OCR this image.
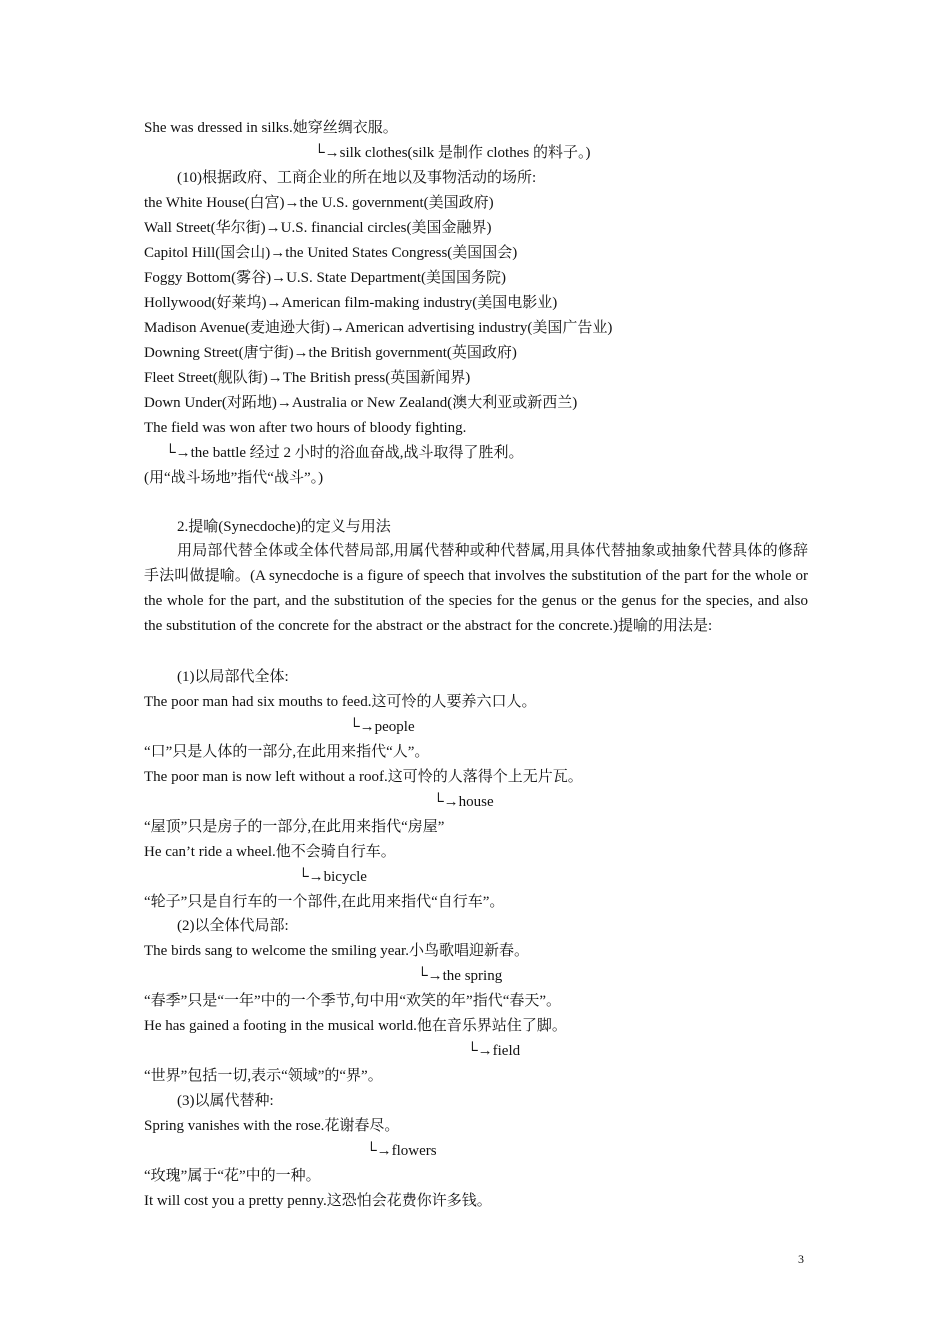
She was dressed in silks.她穿丝绸衣服。
└→silk clothes(silk 是制作 clothes 的料子。)
(10)根据政府、工商企业的所在地以及事物活动的场所:
the White House(白宫)→the U.S. government(美国政府)
Wall Street(华尔街)→U.S. financial circles(美国金融界)
Capitol Hill(国会山)→the United States Congress(美国国会)
Foggy Bottom(雾谷)→U.S. State Department(美国国务院)
Hollywood(好莱坞)→American film-making industry(美国电影业)
Madison Avenue(麦迪逊大街)→American advertising industry(美国广告业)
Downing Street(唐宁街)→the British government(英国政府)
Fleet Street(舰队街)→The British press(英国新闻界)
Down Under(对跖地)→Australia or New Zealand(澳大利亚或新西兰)
The field was won after two hours of bloody fighting.
└→the battle 经过 2 小时的浴血奋战,战斗取得了胜利。
(用“战斗场地”指代“战斗”。)
2.提喻(Synecdoche)的定义与用法
用局部代替全体或全体代替局部,用属代替种或种代替属,用具体代替抽象或抽象代替具体的修辞手法叫做提喻。(A synecdoche is a figure of speech that involves the substitution of the part for the whole or the whole for the part, and the substitution of the species for the genus or the genus for the species, and also the substitution of the concrete for the abstract or the abstract for the concrete.)提喻的用法是:
(1)以局部代全体:
The poor man had six mouths to feed.这可怜的人要养六口人。
└→people
“口”只是人体的一部分,在此用来指代“人”。
The poor man is now left without a roof.这可怜的人落得个上无片瓦。
└→house
“屋顶”只是房子的一部分,在此用来指代“房屋”
He can’t ride a wheel.他不会骑自行车。
└→bicycle
“轮子”只是自行车的一个部件,在此用来指代“自行车”。
(2)以全体代局部:
The birds sang to welcome the smiling year.小鸟歌唱迎新春。
└→the spring
“春季”只是“一年”中的一个季节,句中用“欢笑的年”指代“春天”。
He has gained a footing in the musical world.他在音乐界站住了脚。
└→field
“世界”包括一切,表示“领域”的“界”。
(3)以属代替种:
Spring vanishes with the rose.花谢春尽。
└→flowers
“玫瑰”属于“花”中的一种。
It will cost you a pretty penny.这恐怕会花费你许多钱。
3
